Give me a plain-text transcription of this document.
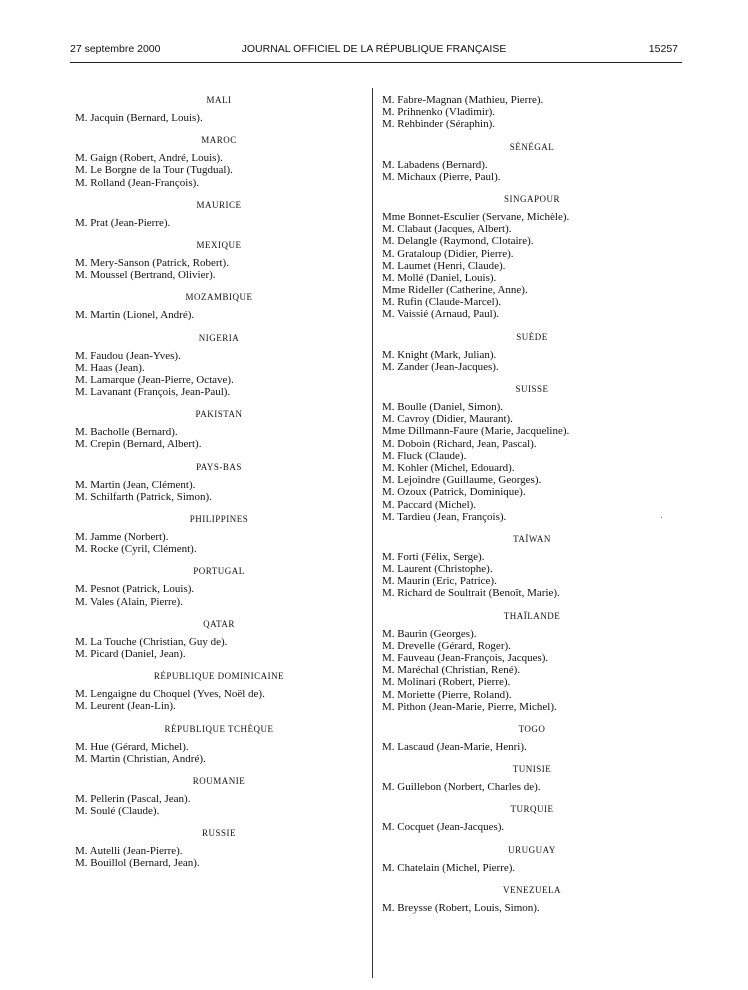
27 septembre 2000	JOURNAL OFFICIEL DE LA RÉPUBLIQUE FRANÇAISE	15257
MALI
M. Jacquin (Bernard, Louis).
MAROC
M. Gaign (Robert, André, Louis).
M. Le Borgne de la Tour (Tugdual).
M. Rolland (Jean-François).
MAURICE
M. Prat (Jean-Pierre).
MEXIQUE
M. Mery-Sanson (Patrick, Robert).
M. Moussel (Bertrand, Olivier).
MOZAMBIQUE
M. Martin (Lionel, André).
NIGERIA
M. Faudou (Jean-Yves).
M. Haas (Jean).
M. Lamarque (Jean-Pierre, Octave).
M. Lavanant (François, Jean-Paul).
PAKISTAN
M. Bacholle (Bernard).
M. Crepin (Bernard, Albert).
PAYS-BAS
M. Martin (Jean, Clément).
M. Schilfarth (Patrick, Simon).
PHILIPPINES
M. Jamme (Norbert).
M. Rocke (Cyril, Clément).
PORTUGAL
M. Pesnot (Patrick, Louis).
M. Vales (Alain, Pierre).
QATAR
M. La Touche (Christian, Guy de).
M. Picard (Daniel, Jean).
RÉPUBLIQUE DOMINICAINE
M. Lengaigne du Choquel (Yves, Noël de).
M. Leurent (Jean-Lin).
RÉPUBLIQUE TCHÈQUE
M. Hue (Gérard, Michel).
M. Martin (Christian, André).
ROUMANIE
M. Pellerin (Pascal, Jean).
M. Soulé (Claude).
RUSSIE
M. Autelli (Jean-Pierre).
M. Bouillol (Bernard, Jean).
M. Fabre-Magnan (Mathieu, Pierre).
M. Prihnenko (Vladimir).
M. Rehbinder (Séraphin).
SÉNÉGAL
M. Labadens (Bernard).
M. Michaux (Pierre, Paul).
SINGAPOUR
Mme Bonnet-Esculier (Servane, Michèle).
M. Clabaut (Jacques, Albert).
M. Delangle (Raymond, Clotaire).
M. Grataloup (Didier, Pierre).
M. Laumet (Henri, Claude).
M. Mollé (Daniel, Louis).
Mme Rideller (Catherine, Anne).
M. Rufin (Claude-Marcel).
M. Vaissié (Arnaud, Paul).
SUÈDE
M. Knight (Mark, Julian).
M. Zander (Jean-Jacques).
SUISSE
M. Boulle (Daniel, Simon).
M. Cavroy (Didier, Maurant).
Mme Dillmann-Faure (Marie, Jacqueline).
M. Doboin (Richard, Jean, Pascal).
M. Fluck (Claude).
M. Kohler (Michel, Edouard).
M. Lejoindre (Guillaume, Georges).
M. Ozoux (Patrick, Dominique).
M. Paccard (Michel).
M. Tardieu (Jean, François).
TAÏWAN
M. Forti (Félix, Serge).
M. Laurent (Christophe).
M. Maurin (Eric, Patrice).
M. Richard de Soultrait (Benoît, Marie).
THAÏLANDE
M. Baurin (Georges).
M. Drevelle (Gérard, Roger).
M. Fauveau (Jean-François, Jacques).
M. Maréchal (Christian, René).
M. Molinari (Robert, Pierre).
M. Moriette (Pierre, Roland).
M. Pithon (Jean-Marie, Pierre, Michel).
TOGO
M. Lascaud (Jean-Marie, Henri).
TUNISIE
M. Guillebon (Norbert, Charles de).
TURQUIE
M. Cocquet (Jean-Jacques).
URUGUAY
M. Chatelain (Michel, Pierre).
VENEZUELA
M. Breysse (Robert, Louis, Simon).
